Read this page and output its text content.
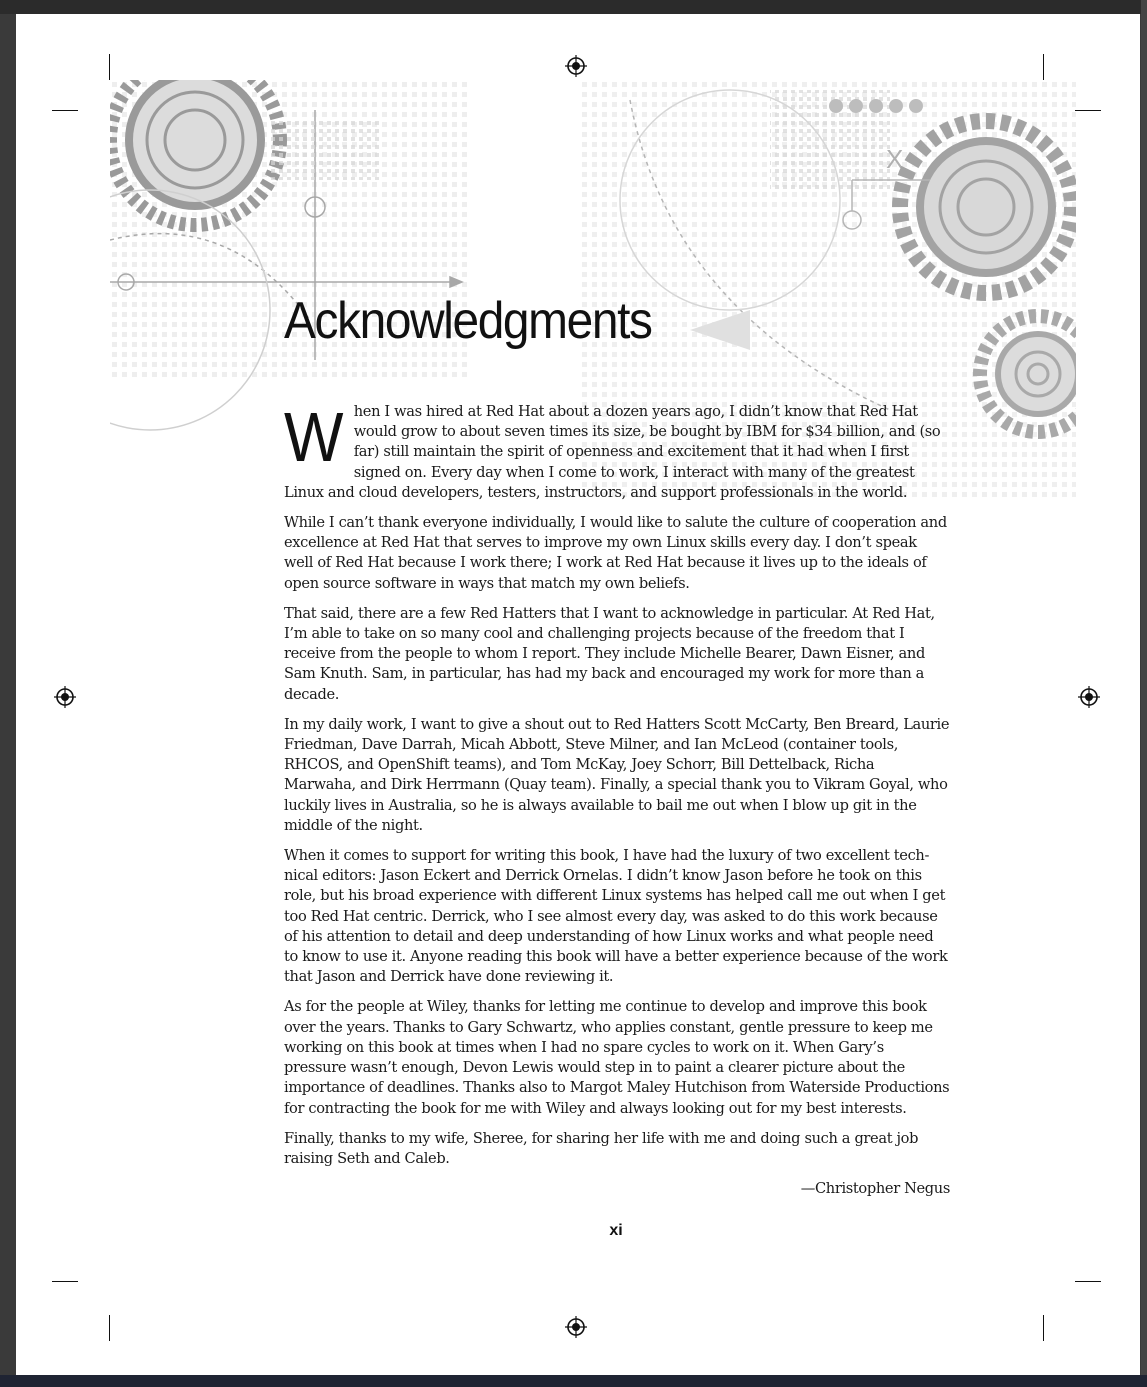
X
Acknowledgments

When I was hired at Red Hat about a dozen years ago, I didn’t know that Red Hat would grow to about seven times its size, be bought by IBM for $34 billion, and (so far) still maintain the spirit of openness and excitement that it had when I first signed on. Every day when I come to work, I interact with many of the greatest Linux and cloud developers, testers, instructors, and support professionals in the world.

While I can’t thank everyone individually, I would like to salute the culture of cooperation and excellence at Red Hat that serves to improve my own Linux skills every day. I don’t speak well of Red Hat because I work there; I work at Red Hat because it lives up to the ideals of open source software in ways that match my own beliefs.

That said, there are a few Red Hatters that I want to acknowledge in particular. At Red Hat, I’m able to take on so many cool and challenging projects because of the freedom that I receive from the people to whom I report. They include Michelle Bearer, Dawn Eisner, and Sam Knuth. Sam, in particular, has had my back and encouraged my work for more than a decade.

In my daily work, I want to give a shout out to Red Hatters Scott McCarty, Ben Breard, Laurie Friedman, Dave Darrah, Micah Abbott, Steve Milner, and Ian McLeod (container tools, RHCOS, and OpenShift teams), and Tom McKay, Joey Schorr, Bill Dettelback, Richa Marwaha, and Dirk Herrmann (Quay team). Finally, a special thank you to Vikram Goyal, who luckily lives in Australia, so he is always available to bail me out when I blow up git in the middle of the night.

When it comes to support for writing this book, I have had the luxury of two excellent tech-nical editors: Jason Eckert and Derrick Ornelas. I didn’t know Jason before he took on this role, but his broad experience with different Linux systems has helped call me out when I get too Red Hat centric. Derrick, who I see almost every day, was asked to do this work because of his attention to detail and deep understanding of how Linux works and what people need to know to use it. Anyone reading this book will have a better experience because of the work that Jason and Derrick have done reviewing it.

As for the people at Wiley, thanks for letting me continue to develop and improve this book over the years. Thanks to Gary Schwartz, who applies constant, gentle pressure to keep me working on this book at times when I had no spare cycles to work on it. When Gary’s pressure wasn’t enough, Devon Lewis would step in to paint a clearer picture about the importance of deadlines. Thanks also to Margot Maley Hutchison from Waterside Productions for contracting the book for me with Wiley and always looking out for my best interests.

Finally, thanks to my wife, Sheree, for sharing her life with me and doing such a great job raising Seth and Caleb.

—Christopher Negus

xi
